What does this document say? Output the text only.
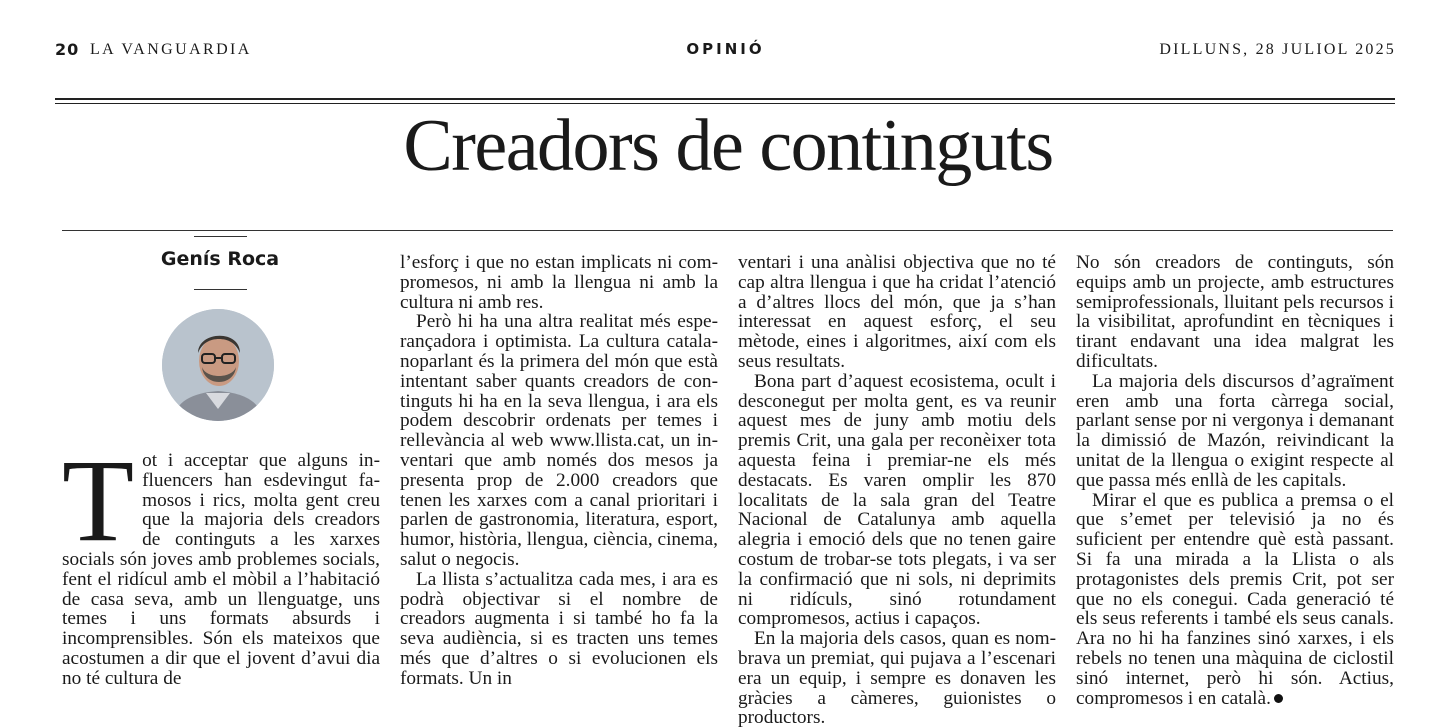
20 LA VANGUARDIA	OPINIÓ	DILLUNS, 28 JULIOL 2025
Creadors de continguts
Genís Roca

Tot i acceptar que alguns influencers han esdevingut famosos i rics, molta gent creu que la majoria dels creadors de continguts a les xarxes socials són joves amb problemes socials, fent el ridícul amb el mòbil a l’habitació de casa seva, amb un llenguatge, uns temes i uns formats absurds i incomprensibles. Són els mateixos que acostumen a dir que el jovent d’avui dia no té cultura de

l’esforç i que no estan implicats ni compromesos, ni amb la llengua ni amb la cultura ni amb res.

Però hi ha una altra realitat més esperançadora i optimista. La cultura catalanoparlant és la primera del món que està intentant saber quants creadors de continguts hi ha en la seva llengua, i ara els podem descobrir ordenats per temes i rellevància al web www.llista.cat, un inventari que amb només dos mesos ja presenta prop de 2.000 creadors que tenen les xarxes com a canal prioritari i parlen de gastronomia, literatura, esport, humor, història, llengua, ciència, cinema, salut o negocis.

La llista s’actualitza cada mes, i ara es podrà objectivar si el nombre de creadors augmenta i si també ho fa la seva audiència, si es tracten uns temes més que d’altres o si evolucionen els formats. Un in

ventari i una anàlisi objectiva que no té cap altra llengua i que ha cridat l’atenció a d’altres llocs del món, que ja s’han interessat en aquest esforç, el seu mètode, eines i algoritmes, així com els seus resultats.

Bona part d’aquest ecosistema, ocult i desconegut per molta gent, es va reunir aquest mes de juny amb motiu dels premis Crit, una gala per reconèixer tota aquesta feina i premiar-ne els més destacats. Es varen omplir les 870 localitats de la sala gran del Teatre Nacional de Catalunya amb aquella alegria i emoció dels que no tenen gaire costum de trobar-se tots plegats, i va ser la confirmació que ni sols, ni deprimits ni ridículs, sinó rotundament compromesos, actius i capaços.

En la majoria dels casos, quan es nombrava un premiat, qui pujava a l’escenari era un equip, i sempre es donaven les gràcies a càmeres, guionistes o productors.

No són creadors de continguts, són equips amb un projecte, amb estructures semiprofessionals, lluitant pels recursos i la visibilitat, aprofundint en tècniques i tirant endavant una idea malgrat les dificultats.

La majoria dels discursos d’agraïment eren amb una forta càrrega social, parlant sense por ni vergonya i demanant la dimissió de Mazón, reivindicant la unitat de la llengua o exigint respecte al que passa més enllà de les capitals.

Mirar el que es publica a premsa o el que s’emet per televisió ja no és suficient per entendre què està passant. Si fa una mirada a la Llista o als protagonistes dels premis Crit, pot ser que no els conegui. Cada generació té els seus referents i també els seus canals. Ara no hi ha fanzines sinó xarxes, i els rebels no tenen una màquina de ciclostil sinó internet, però hi són. Actius, compromesos i en català.
